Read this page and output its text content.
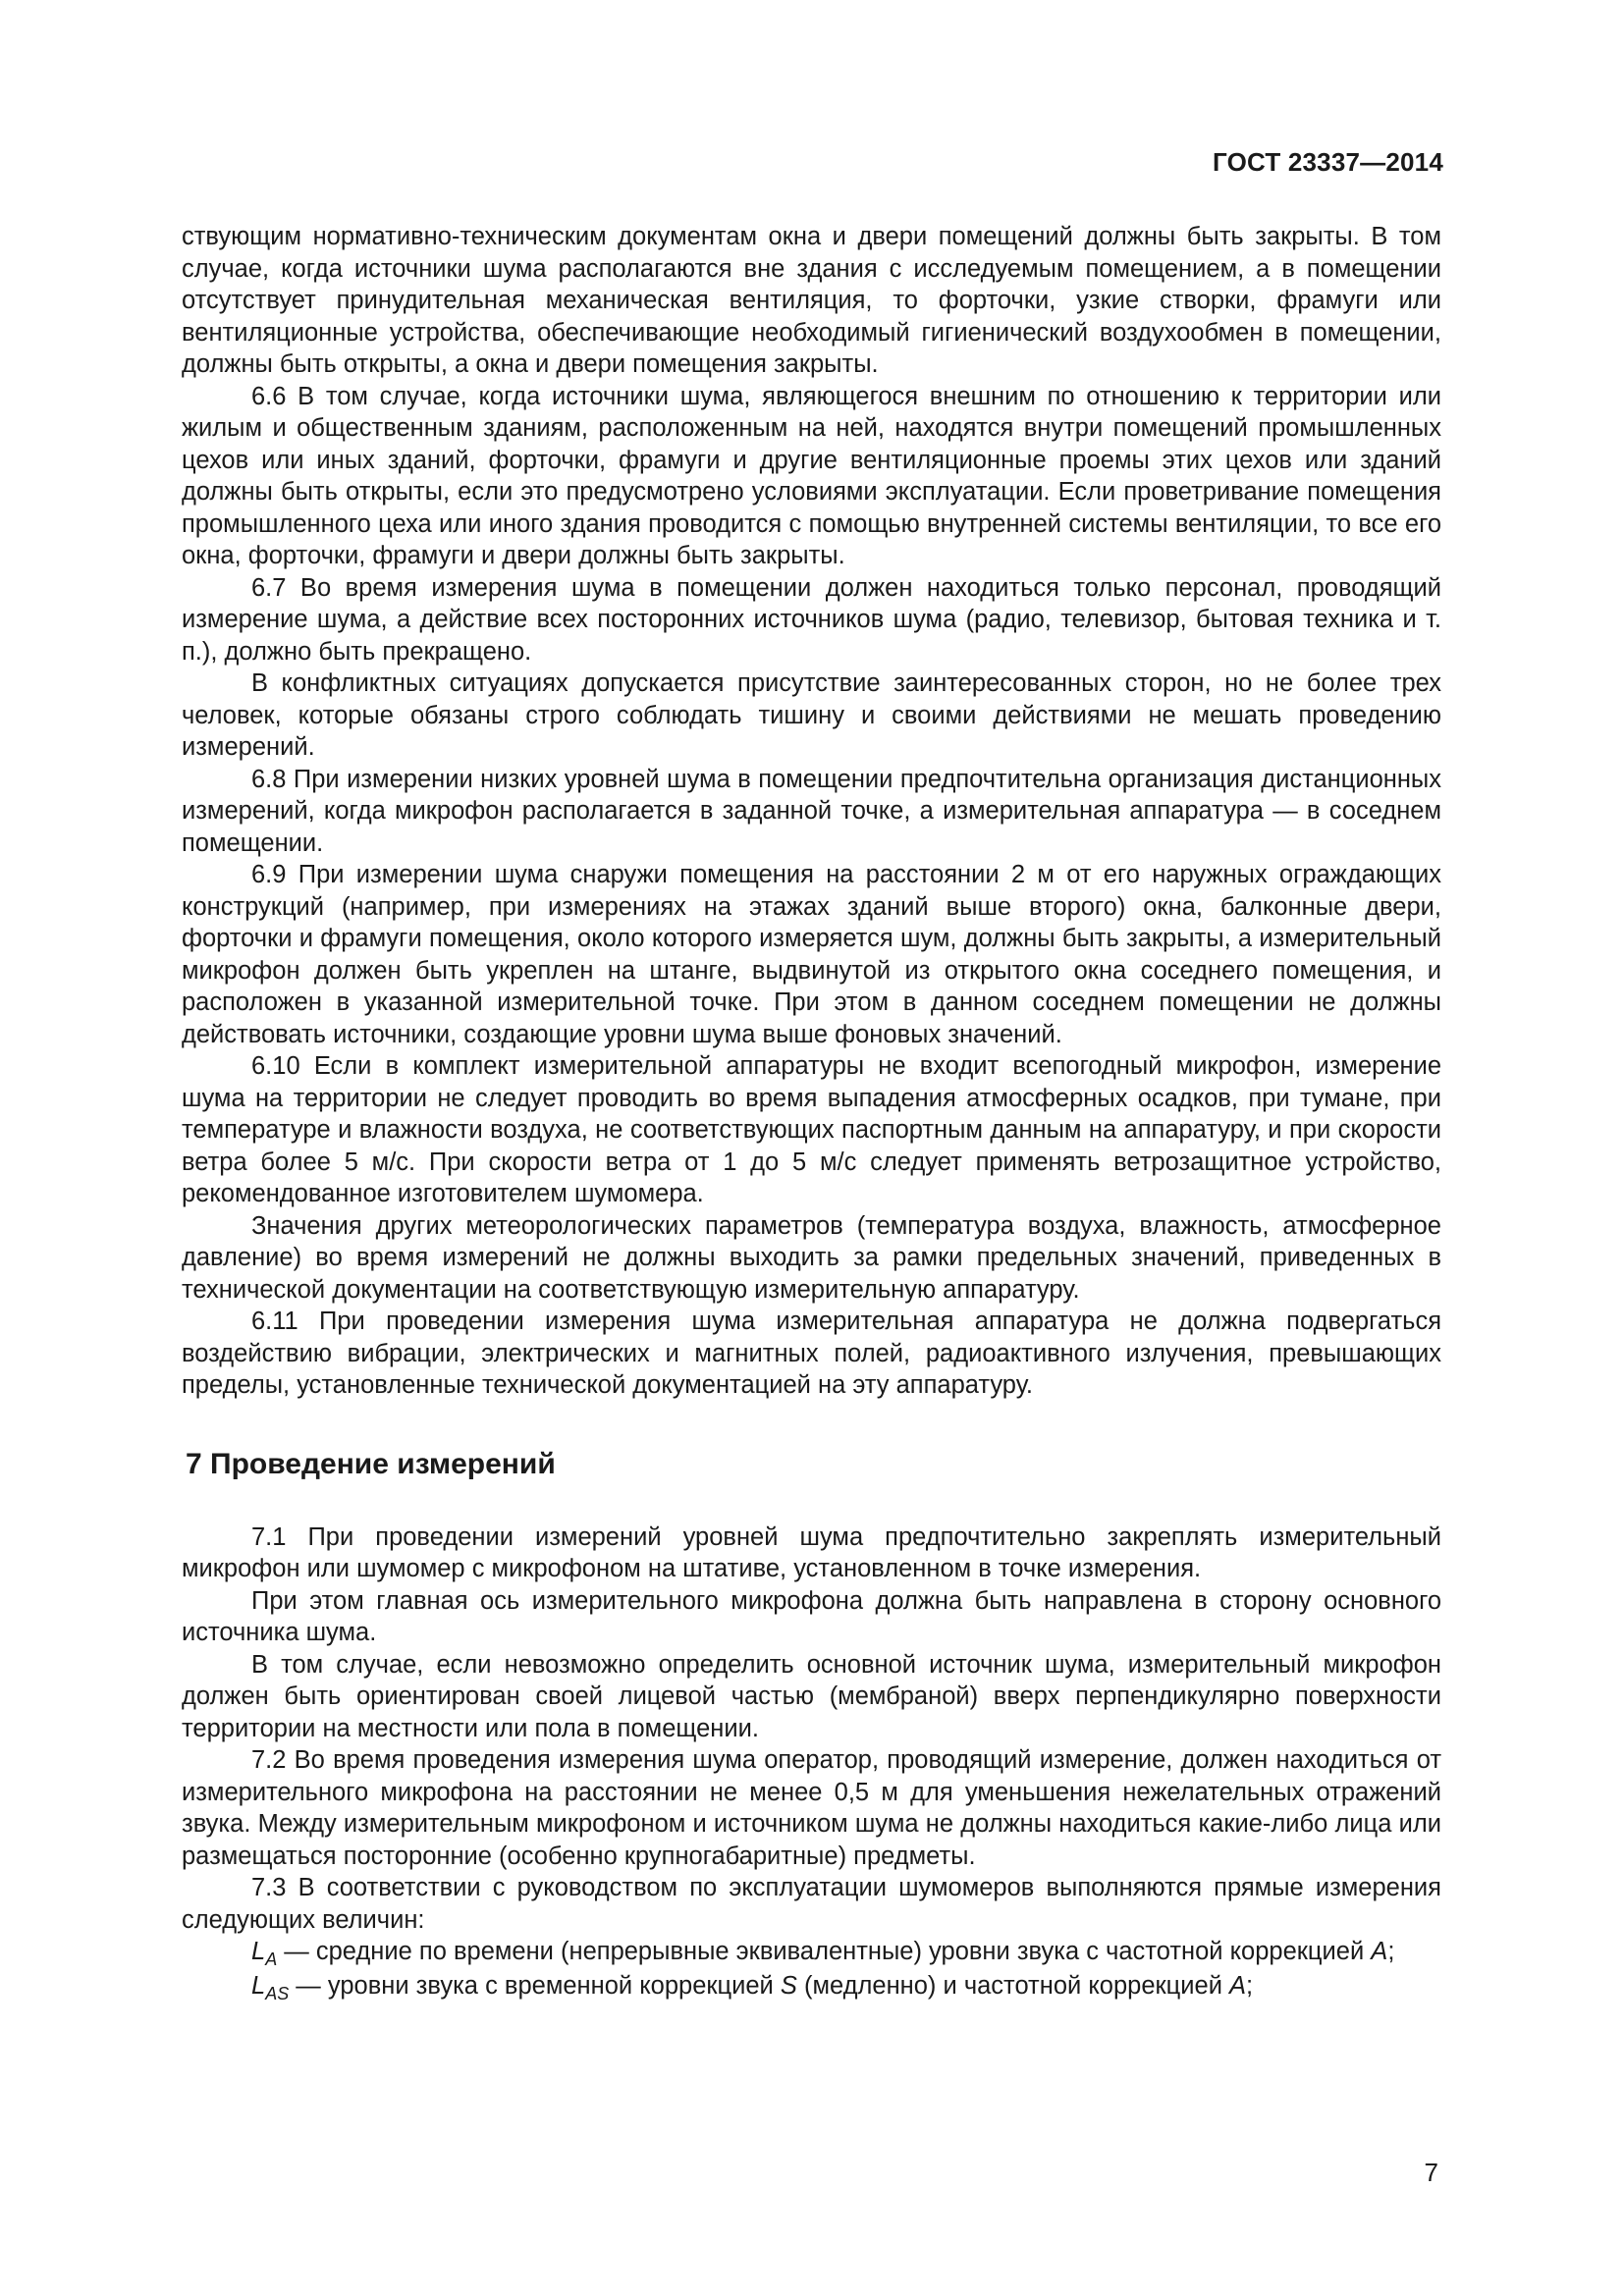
ГОСТ 23337—2014

ствующим нормативно-техническим документам окна и двери помещений должны быть закрыты. В том случае, когда источники шума располагаются вне здания с исследуемым помещением, а в помещении отсутствует принудительная механическая вентиляция, то форточки, узкие створки, фрамуги или вентиляционные устройства, обеспечивающие необходимый гигиенический воздухообмен в помещении, должны быть открыты, а окна и двери помещения закрыты.

6.6 В том случае, когда источники шума, являющегося внешним по отношению к территории или жилым и общественным зданиям, расположенным на ней, находятся внутри помещений промышленных цехов или иных зданий, форточки, фрамуги и другие вентиляционные проемы этих цехов или зданий должны быть открыты, если это предусмотрено условиями эксплуатации. Если проветривание помещения промышленного цеха или иного здания проводится с помощью внутренней системы вентиляции, то все его окна, форточки, фрамуги и двери должны быть закрыты.

6.7 Во время измерения шума в помещении должен находиться только персонал, проводящий измерение шума, а действие всех посторонних источников шума (радио, телевизор, бытовая техника и т. п.), должно быть прекращено.

В конфликтных ситуациях допускается присутствие заинтересованных сторон, но не более трех человек, которые обязаны строго соблюдать тишину и своими действиями не мешать проведению измерений.

6.8 При измерении низких уровней шума в помещении предпочтительна организация дистанционных измерений, когда микрофон располагается в заданной точке, а измерительная аппаратура — в соседнем помещении.

6.9 При измерении шума снаружи помещения на расстоянии 2 м от его наружных ограждающих конструкций (например, при измерениях на этажах зданий выше второго) окна, балконные двери, форточки и фрамуги помещения, около которого измеряется шум, должны быть закрыты, а измерительный микрофон должен быть укреплен на штанге, выдвинутой из открытого окна соседнего помещения, и расположен в указанной измерительной точке. При этом в данном соседнем помещении не должны действовать источники, создающие уровни шума выше фоновых значений.

6.10 Если в комплект измерительной аппаратуры не входит всепогодный микрофон, измерение шума на территории не следует проводить во время выпадения атмосферных осадков, при тумане, при температуре и влажности воздуха, не соответствующих паспортным данным на аппаратуру, и при скорости ветра более 5 м/с. При скорости ветра от 1 до 5 м/с следует применять ветрозащитное устройство, рекомендованное изготовителем шумомера.

Значения других метеорологических параметров (температура воздуха, влажность, атмосферное давление) во время измерений не должны выходить за рамки предельных значений, приведенных в технической документации на соответствующую измерительную аппаратуру.

6.11 При проведении измерения шума измерительная аппаратура не должна подвергаться воздействию вибрации, электрических и магнитных полей, радиоактивного излучения, превышающих пределы, установленные технической документацией на эту аппаратуру.

7 Проведение измерений

7.1 При проведении измерений уровней шума предпочтительно закреплять измерительный микрофон или шумомер с микрофоном на штативе, установленном в точке измерения.

При этом главная ось измерительного микрофона должна быть направлена в сторону основного источника шума.

В том случае, если невозможно определить основной источник шума, измерительный микрофон должен быть ориентирован своей лицевой частью (мембраной) вверх перпендикулярно поверхности территории на местности или пола в помещении.

7.2 Во время проведения измерения шума оператор, проводящий измерение, должен находиться от измерительного микрофона на расстоянии не менее 0,5 м для уменьшения нежелательных отражений звука. Между измерительным микрофоном и источником шума не должны находиться какие-либо лица или размещаться посторонние (особенно крупногабаритные) предметы.

7.3 В соответствии с руководством по эксплуатации шумомеров выполняются прямые измерения следующих величин:

$L_A$ — средние по времени (непрерывные эквивалентные) уровни звука с частотной коррекцией A;

$L_{AS}$ — уровни звука с временной коррекцией S (медленно) и частотной коррекцией A;

7
